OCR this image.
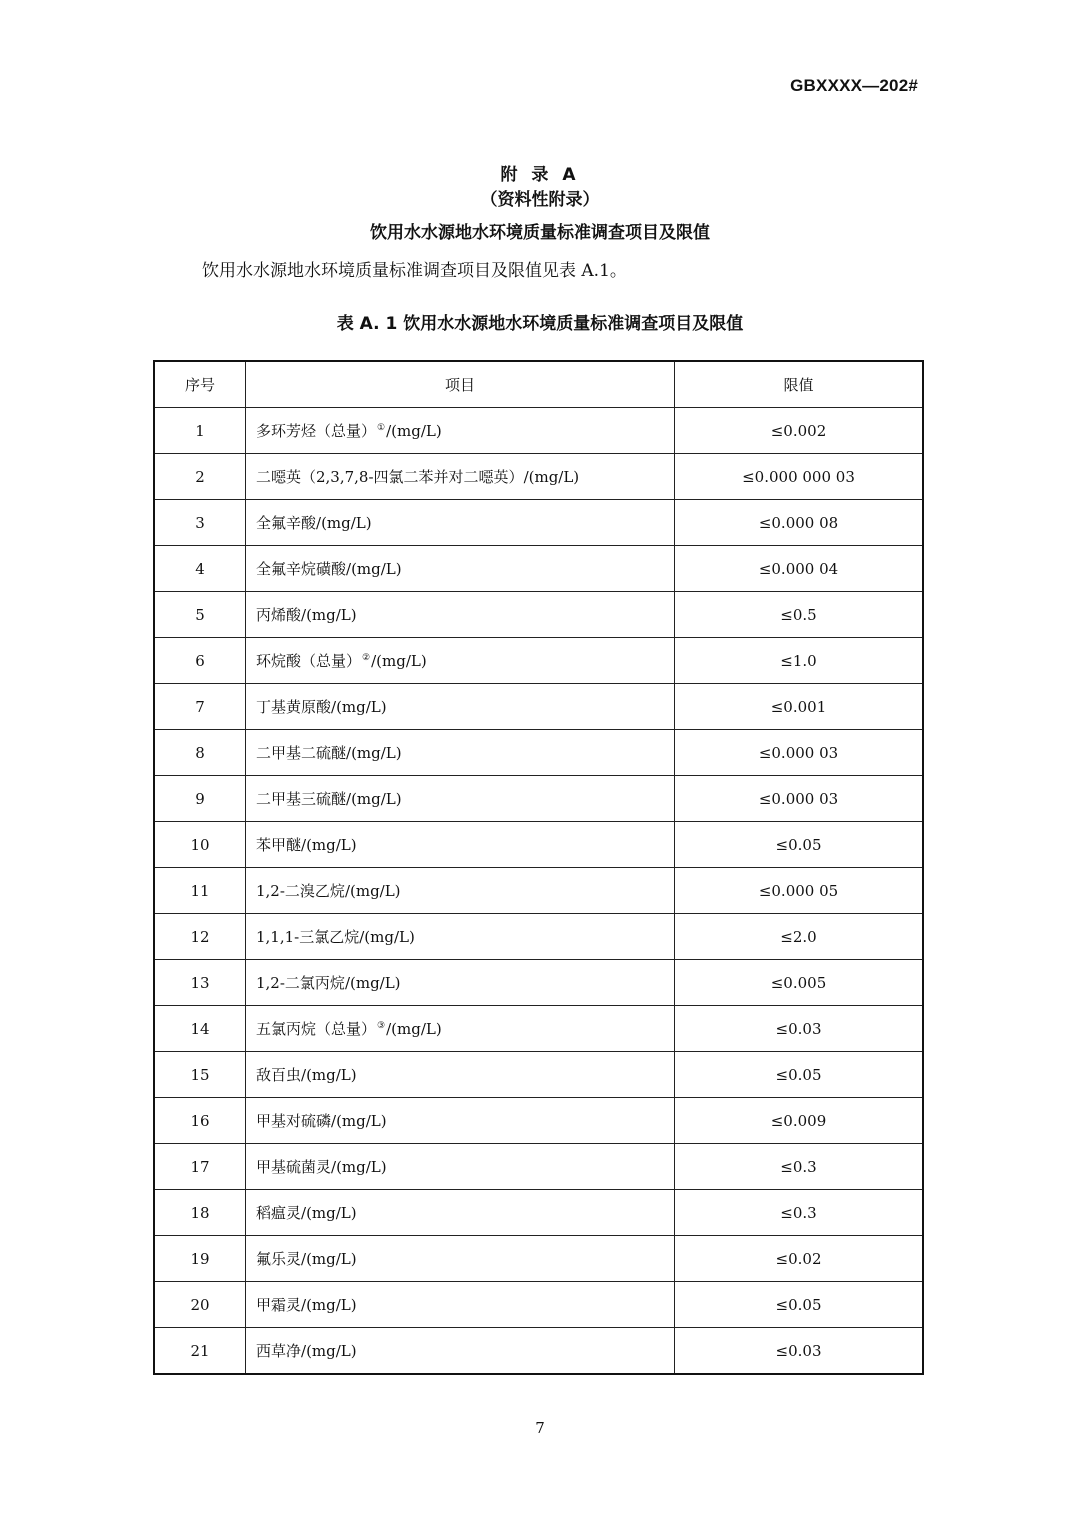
GBXXXX—202#
附 录 A
（资料性附录）
饮用水水源地水环境质量标准调查项目及限值
饮用水水源地水环境质量标准调查项目及限值见表 A.1。
表 A. 1 饮用水水源地水环境质量标准调查项目及限值
序号	项目	限值
1	多环芳烃（总量）①/(mg/L)	≤0.002
2	二噁英（2,3,7,8-四氯二苯并对二噁英）/(mg/L)	≤0.000 000 03
3	全氟辛酸/(mg/L)	≤0.000 08
4	全氟辛烷磺酸/(mg/L)	≤0.000 04
5	丙烯酸/(mg/L)	≤0.5
6	环烷酸（总量）②/(mg/L)	≤1.0
7	丁基黄原酸/(mg/L)	≤0.001
8	二甲基二硫醚/(mg/L)	≤0.000 03
9	二甲基三硫醚/(mg/L)	≤0.000 03
10	苯甲醚/(mg/L)	≤0.05
11	1,2-二溴乙烷/(mg/L)	≤0.000 05
12	1,1,1-三氯乙烷/(mg/L)	≤2.0
13	1,2-二氯丙烷/(mg/L)	≤0.005
14	五氯丙烷（总量）③/(mg/L)	≤0.03
15	敌百虫/(mg/L)	≤0.05
16	甲基对硫磷/(mg/L)	≤0.009
17	甲基硫菌灵/(mg/L)	≤0.3
18	稻瘟灵/(mg/L)	≤0.3
19	氟乐灵/(mg/L)	≤0.02
20	甲霜灵/(mg/L)	≤0.05
21	西草净/(mg/L)	≤0.03
7
